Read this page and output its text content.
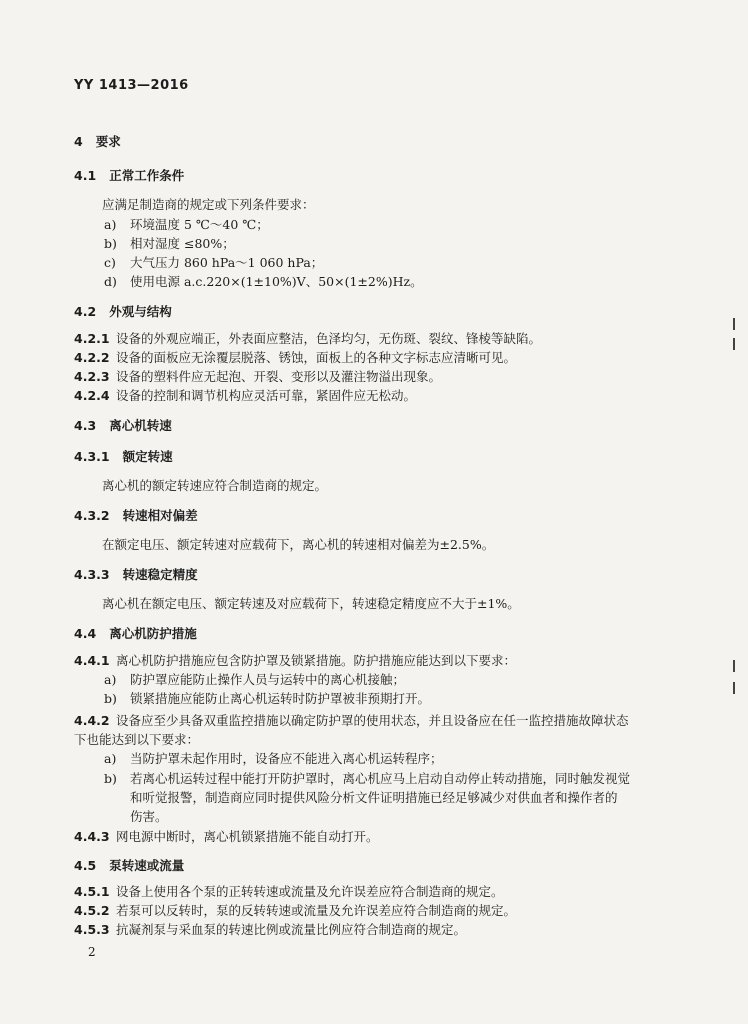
YY 1413—2016
4 要求
4.1 正常工作条件
应满足制造商的规定或下列条件要求：
a) 环境温度 5 ℃～40 ℃；
b) 相对湿度 ≤80%；
c) 大气压力 860 hPa～1 060 hPa；
d) 使用电源 a.c.220×(1±10%)V、50×(1±2%)Hz。
4.2 外观与结构
4.2.1 设备的外观应端正，外表面应整洁，色泽均匀，无伤斑、裂纹、锋棱等缺陷。
4.2.2 设备的面板应无涂覆层脱落、锈蚀，面板上的各种文字标志应清晰可见。
4.2.3 设备的塑料件应无起泡、开裂、变形以及灌注物溢出现象。
4.2.4 设备的控制和调节机构应灵活可靠，紧固件应无松动。
4.3 离心机转速
4.3.1 额定转速
离心机的额定转速应符合制造商的规定。
4.3.2 转速相对偏差
在额定电压、额定转速对应载荷下，离心机的转速相对偏差为±2.5%。
4.3.3 转速稳定精度
离心机在额定电压、额定转速及对应载荷下，转速稳定精度应不大于±1%。
4.4 离心机防护措施
4.4.1 离心机防护措施应包含防护罩及锁紧措施。防护措施应能达到以下要求：
a) 防护罩应能防止操作人员与运转中的离心机接触；
b) 锁紧措施应能防止离心机运转时防护罩被非预期打开。
4.4.2 设备应至少具备双重监控措施以确定防护罩的使用状态，并且设备应在任一监控措施故障状态
下也能达到以下要求：
a) 当防护罩未起作用时，设备应不能进入离心机运转程序；
b) 若离心机运转过程中能打开防护罩时，离心机应马上启动自动停止转动措施，同时触发视觉
和听觉报警，制造商应同时提供风险分析文件证明措施已经足够减少对供血者和操作者的
伤害。
4.4.3 网电源中断时，离心机锁紧措施不能自动打开。
4.5 泵转速或流量
4.5.1 设备上使用各个泵的正转转速或流量及允许误差应符合制造商的规定。
4.5.2 若泵可以反转时，泵的反转转速或流量及允许误差应符合制造商的规定。
4.5.3 抗凝剂泵与采血泵的转速比例或流量比例应符合制造商的规定。
2
